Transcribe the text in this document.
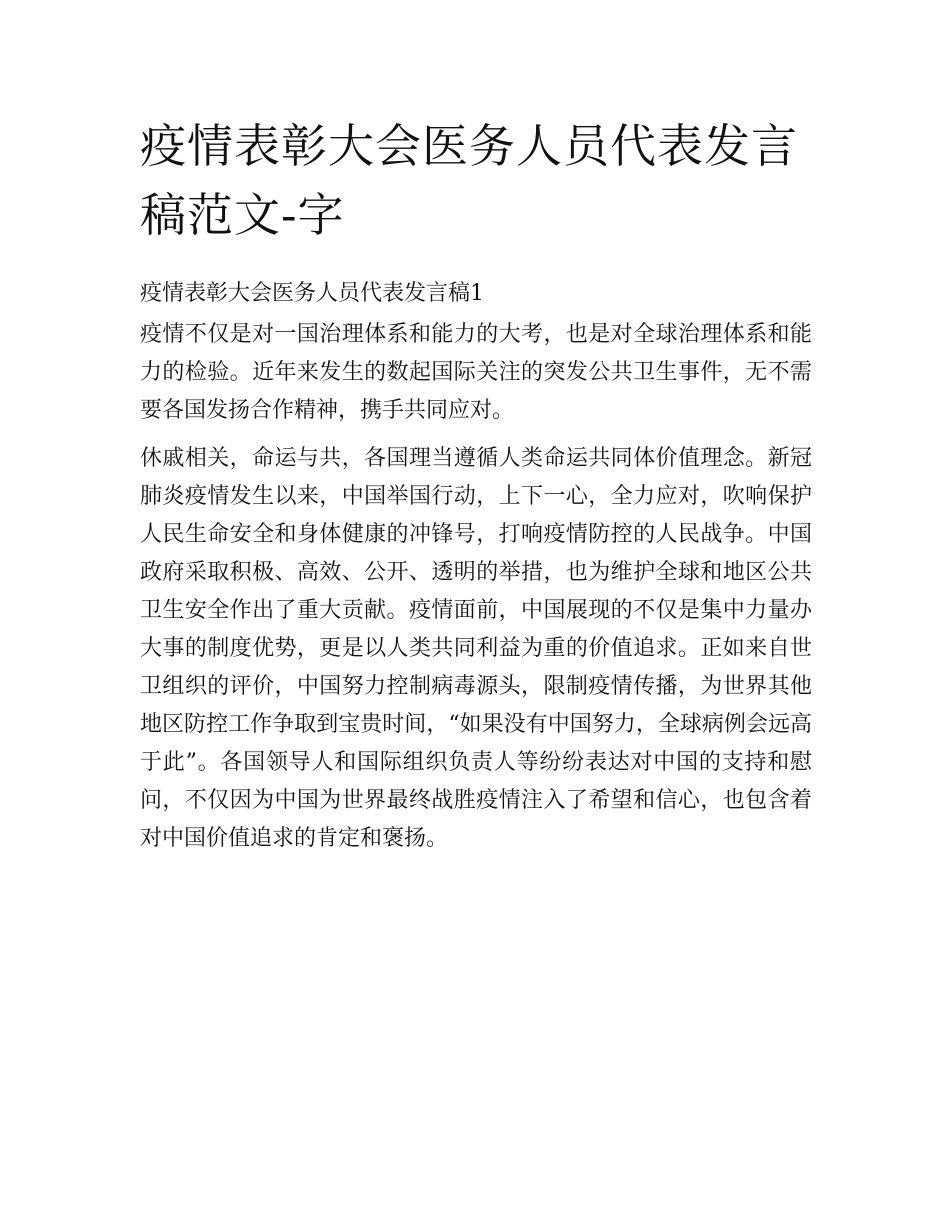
疫情表彰大会医务人员代表发言稿范文-字

疫情表彰大会医务人员代表发言稿1

疫情不仅是对一国治理体系和能力的大考，也是对全球治理体系和能力的检验。近年来发生的数起国际关注的突发公共卫生事件，无不需要各国发扬合作精神，携手共同应对。

休戚相关，命运与共，各国理当遵循人类命运共同体价值理念。新冠肺炎疫情发生以来，中国举国行动，上下一心，全力应对，吹响保护人民生命安全和身体健康的冲锋号，打响疫情防控的人民战争。中国政府采取积极、高效、公开、透明的举措，也为维护全球和地区公共卫生安全作出了重大贡献。疫情面前，中国展现的不仅是集中力量办大事的制度优势，更是以人类共同利益为重的价值追求。正如来自世卫组织的评价，中国努力控制病毒源头，限制疫情传播，为世界其他地区防控工作争取到宝贵时间，“如果没有中国努力，全球病例会远高于此”。各国领导人和国际组织负责人等纷纷表达对中国的支持和慰问，不仅因为中国为世界最终战胜疫情注入了希望和信心，也包含着对中国价值追求的肯定和褒扬。
